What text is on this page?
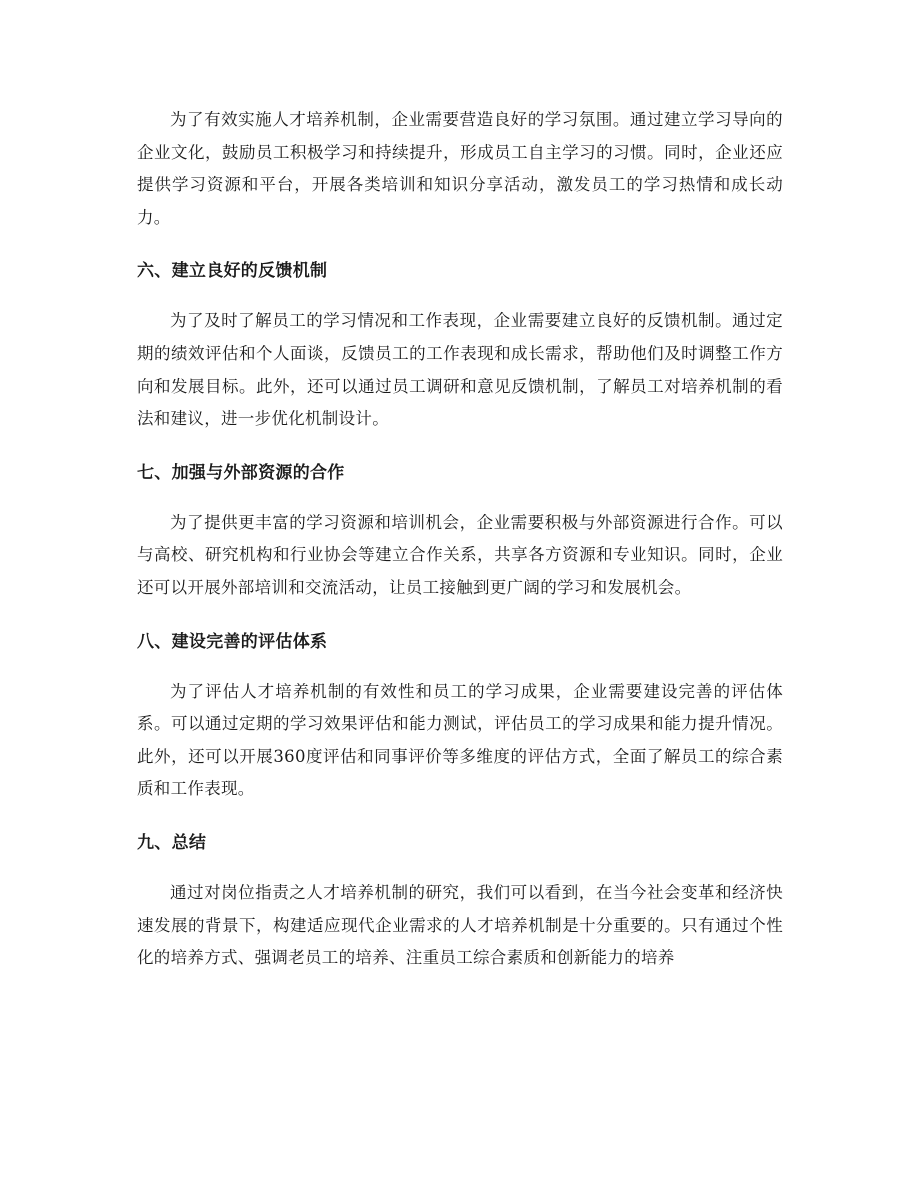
为了有效实施人才培养机制，企业需要营造良好的学习氛围。通过建立学习导向的企业文化，鼓励员工积极学习和持续提升，形成员工自主学习的习惯。同时，企业还应提供学习资源和平台，开展各类培训和知识分享活动，激发员工的学习热情和成长动力。

六、建立良好的反馈机制

为了及时了解员工的学习情况和工作表现，企业需要建立良好的反馈机制。通过定期的绩效评估和个人面谈，反馈员工的工作表现和成长需求，帮助他们及时调整工作方向和发展目标。此外，还可以通过员工调研和意见反馈机制，了解员工对培养机制的看法和建议，进一步优化机制设计。

七、加强与外部资源的合作

为了提供更丰富的学习资源和培训机会，企业需要积极与外部资源进行合作。可以与高校、研究机构和行业协会等建立合作关系，共享各方资源和专业知识。同时，企业还可以开展外部培训和交流活动，让员工接触到更广阔的学习和发展机会。

八、建设完善的评估体系

为了评估人才培养机制的有效性和员工的学习成果，企业需要建设完善的评估体系。可以通过定期的学习效果评估和能力测试，评估员工的学习成果和能力提升情况。此外，还可以开展360度评估和同事评价等多维度的评估方式，全面了解员工的综合素质和工作表现。

九、总结

通过对岗位指责之人才培养机制的研究，我们可以看到，在当今社会变革和经济快速发展的背景下，构建适应现代企业需求的人才培养机制是十分重要的。只有通过个性化的培养方式、强调老员工的培养、注重员工综合素质和创新能力的培养
